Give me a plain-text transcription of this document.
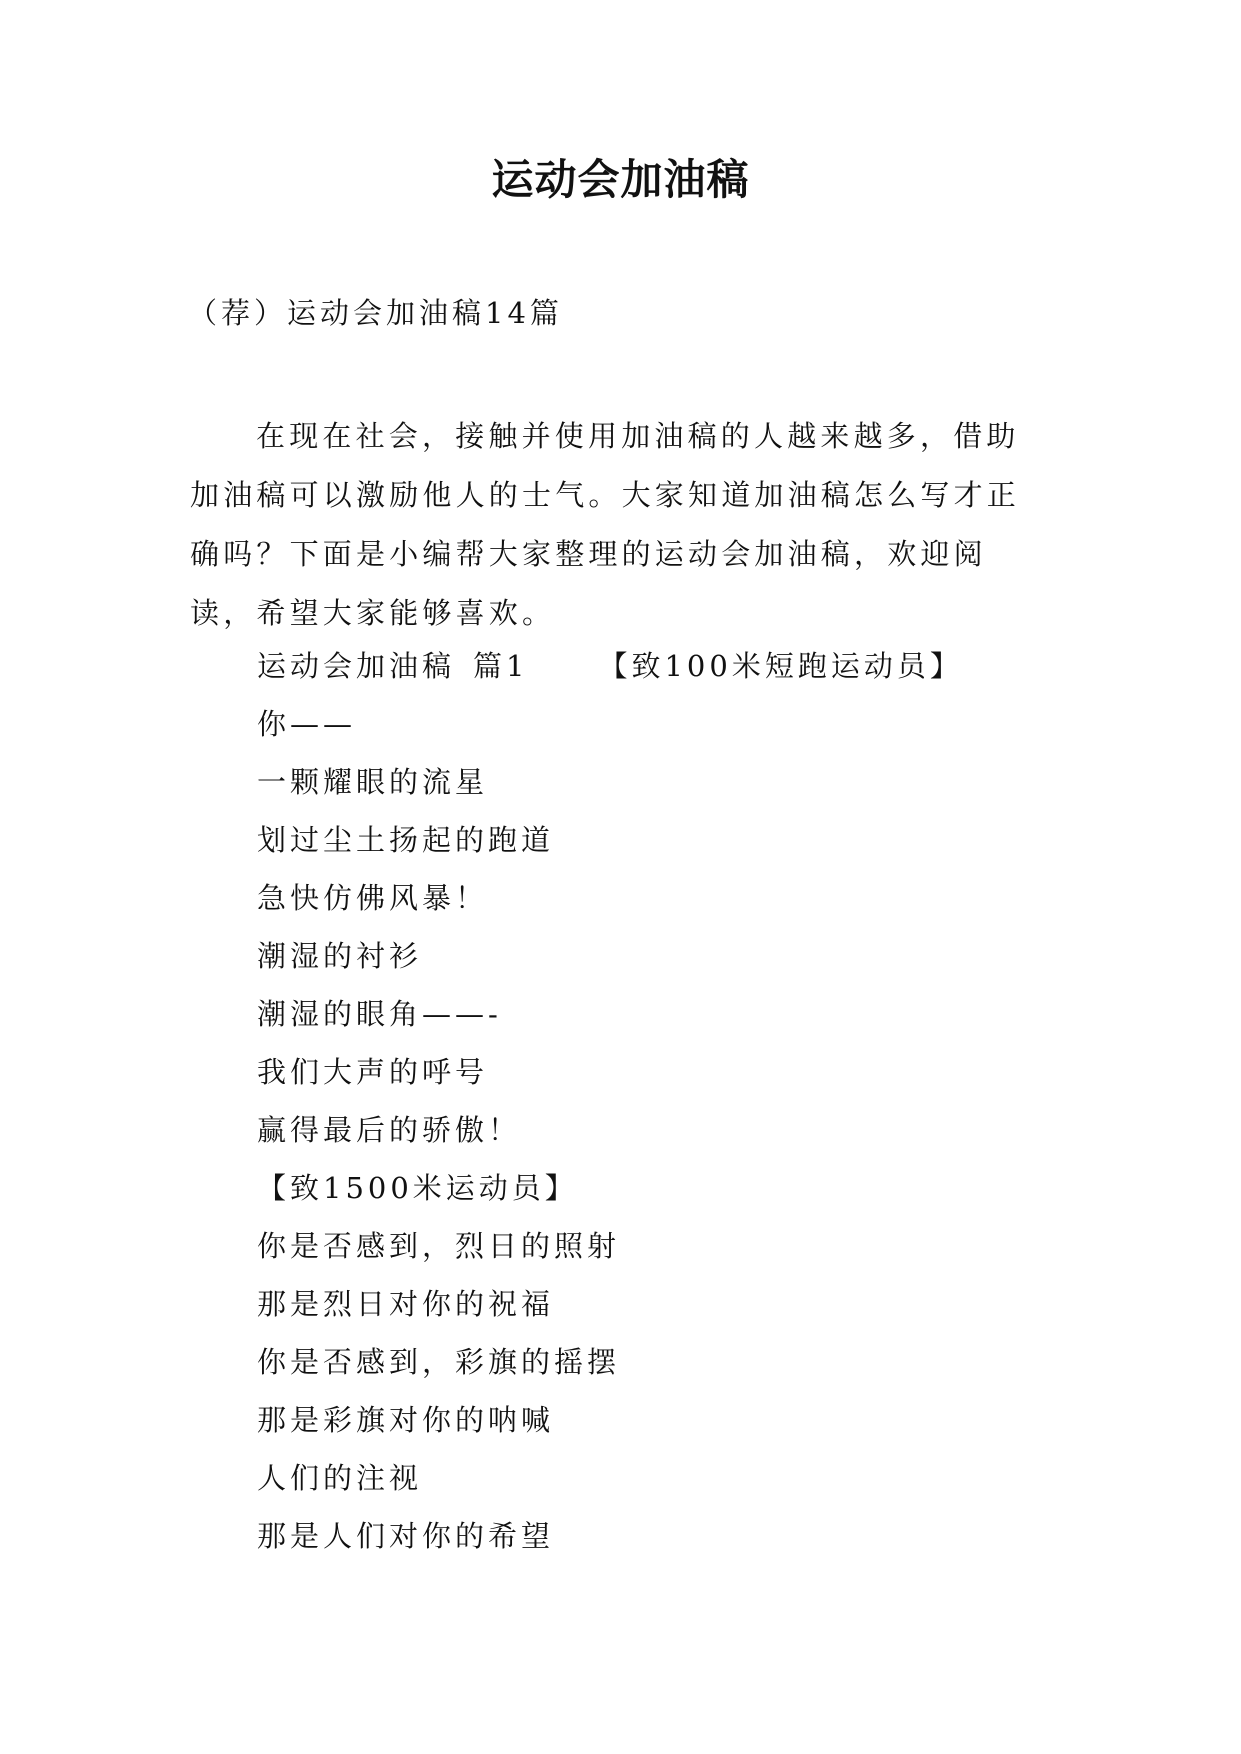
运动会加油稿
（荐）运动会加油稿14篇

在现在社会，接触并使用加油稿的人越来越多，借助加油稿可以激励他人的士气。大家知道加油稿怎么写才正确吗？下面是小编帮大家整理的运动会加油稿，欢迎阅读，希望大家能够喜欢。

运动会加油稿 篇1 【致100米短跑运动员】
你——
一颗耀眼的流星
划过尘土扬起的跑道
急快仿佛风暴！
潮湿的衬衫
潮湿的眼角——-
我们大声的呼号
赢得最后的骄傲！
【致1500米运动员】
你是否感到，烈日的照射
那是烈日对你的祝福
你是否感到，彩旗的摇摆
那是彩旗对你的呐喊
人们的注视
那是人们对你的希望
